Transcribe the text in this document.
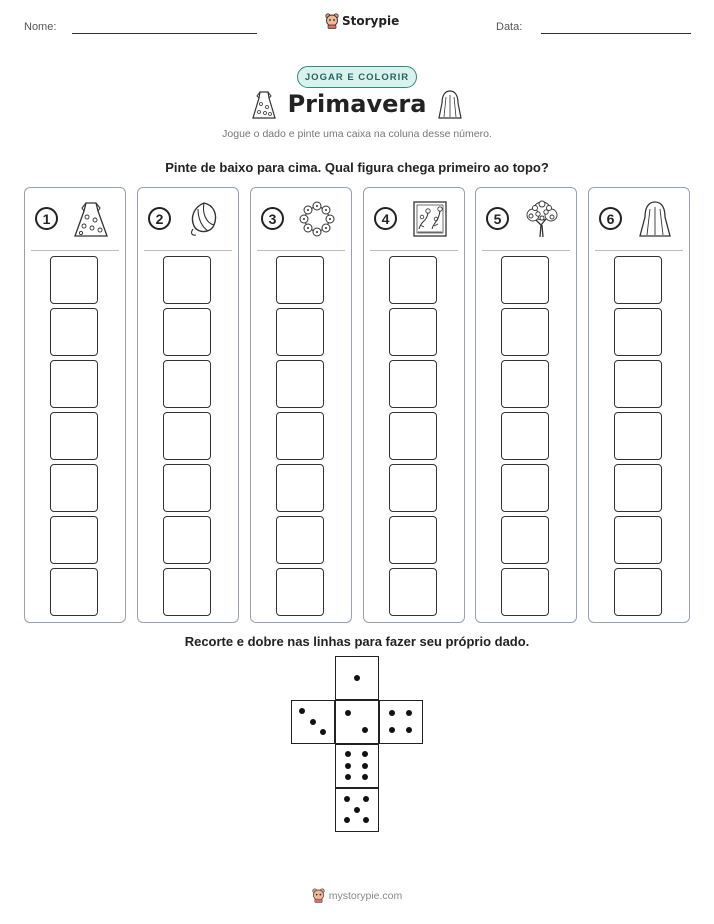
Nome:	Storypie	Data:
JOGAR E COLORIR
Primavera
Jogue o dado e pinte uma caixa na coluna desse número.
Pinte de baixo para cima. Qual figura chega primeiro ao topo?
1	2	3	4	5	6
Recorte e dobre nas linhas para fazer seu próprio dado.
mystorypie.com
